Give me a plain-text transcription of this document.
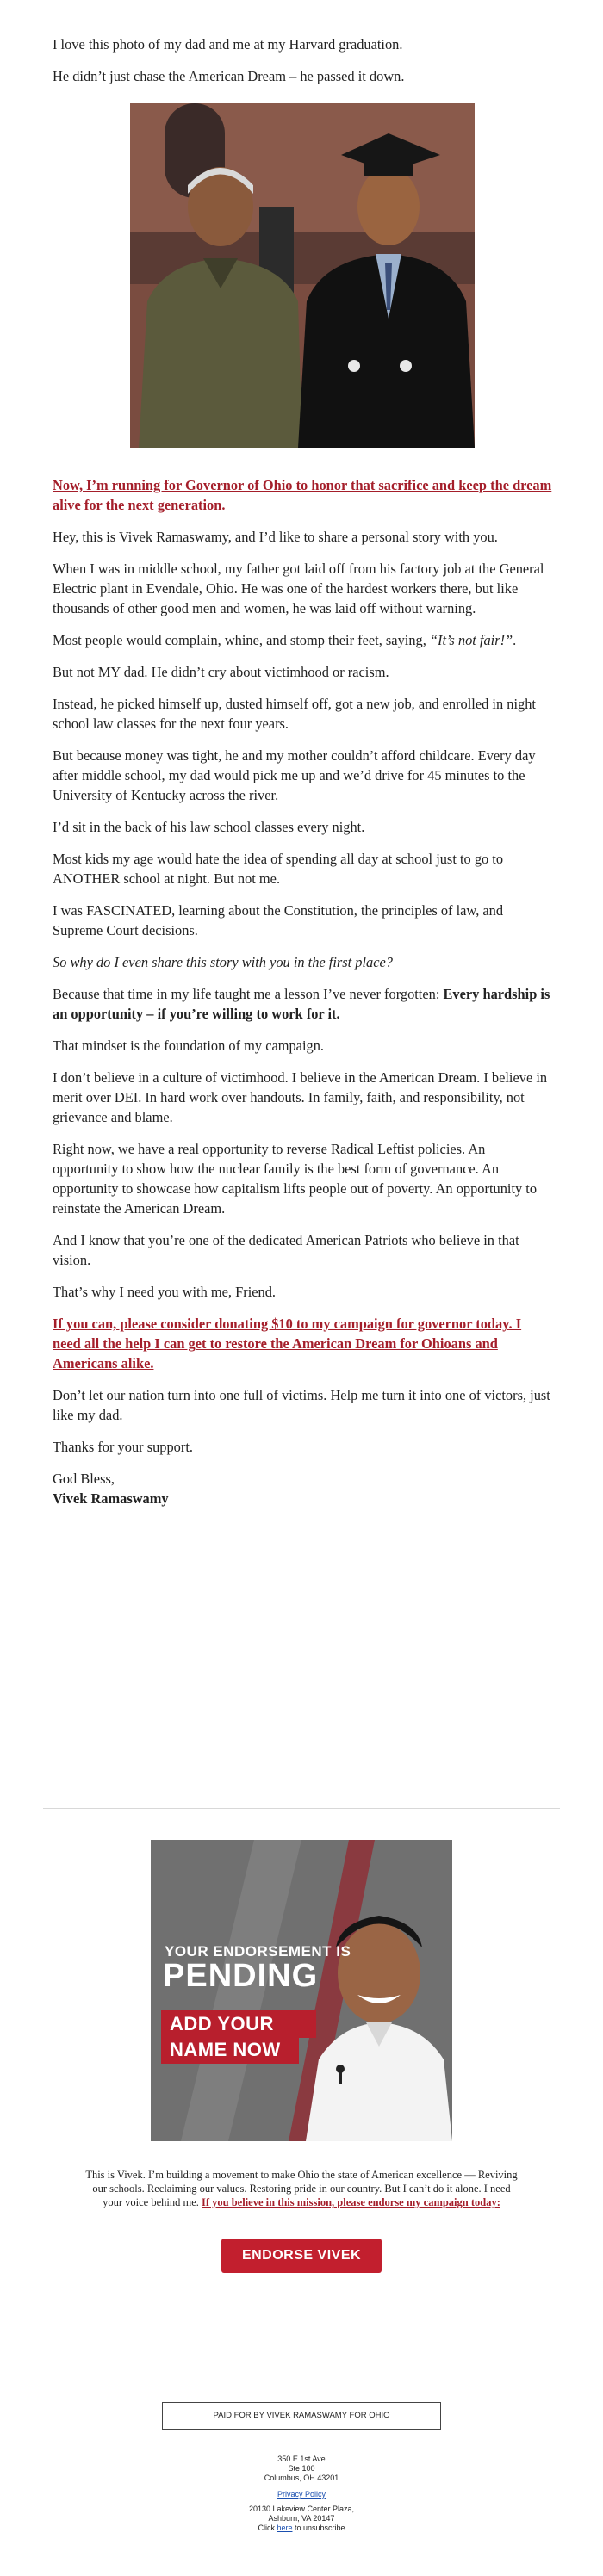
I love this photo of my dad and me at my Harvard graduation.

He didn’t just chase the American Dream – he passed it down.

Now, I’m running for Governor of Ohio to honor that sacrifice and keep the dream alive for the next generation.

Hey, this is Vivek Ramaswamy, and I’d like to share a personal story with you.

When I was in middle school, my father got laid off from his factory job at the General Electric plant in Evendale, Ohio. He was one of the hardest workers there, but like thousands of other good men and women, he was laid off without warning.

Most people would complain, whine, and stomp their feet, saying, “It’s not fair!”.

But not MY dad. He didn’t cry about victimhood or racism.

Instead, he picked himself up, dusted himself off, got a new job, and enrolled in night school law classes for the next four years.

But because money was tight, he and my mother couldn’t afford childcare. Every day after middle school, my dad would pick me up and we’d drive for 45 minutes to the University of Kentucky across the river.

I’d sit in the back of his law school classes every night.

Most kids my age would hate the idea of spending all day at school just to go to ANOTHER school at night. But not me.

I was FASCINATED, learning about the Constitution, the principles of law, and Supreme Court decisions.

So why do I even share this story with you in the first place?

Because that time in my life taught me a lesson I’ve never forgotten: Every hardship is an opportunity – if you’re willing to work for it.

That mindset is the foundation of my campaign.

I don’t believe in a culture of victimhood. I believe in the American Dream. I believe in merit over DEI. In hard work over handouts. In family, faith, and responsibility, not grievance and blame.

Right now, we have a real opportunity to reverse Radical Leftist policies. An opportunity to show how the nuclear family is the best form of governance. An opportunity to showcase how capitalism lifts people out of poverty. An opportunity to reinstate the American Dream.

And I know that you’re one of the dedicated American Patriots who believe in that vision.

That’s why I need you with me, Friend.

If you can, please consider donating $10 to my campaign for governor today. I need all the help I can get to restore the American Dream for Ohioans and Americans alike.

Don’t let our nation turn into one full of victims. Help me turn it into one of victors, just like my dad.

Thanks for your support.

God Bless,

Vivek Ramaswamy

YOUR ENDORSEMENT IS
PENDING
ADD YOUR
NAME NOW
This is Vivek. I’m building a movement to make Ohio the state of American excellence — Reviving our schools. Reclaiming our values. Restoring pride in our country. But I can’t do it alone. I need your voice behind me. If you believe in this mission, please endorse my campaign today:
ENDORSE VIVEK
PAID FOR BY VIVEK RAMASWAMY FOR OHIO
350 E 1st Ave
Ste 100
Columbus, OH 43201
Privacy Policy
20130 Lakeview Center Plaza,
Ashburn, VA 20147
Click here to unsubscribe
